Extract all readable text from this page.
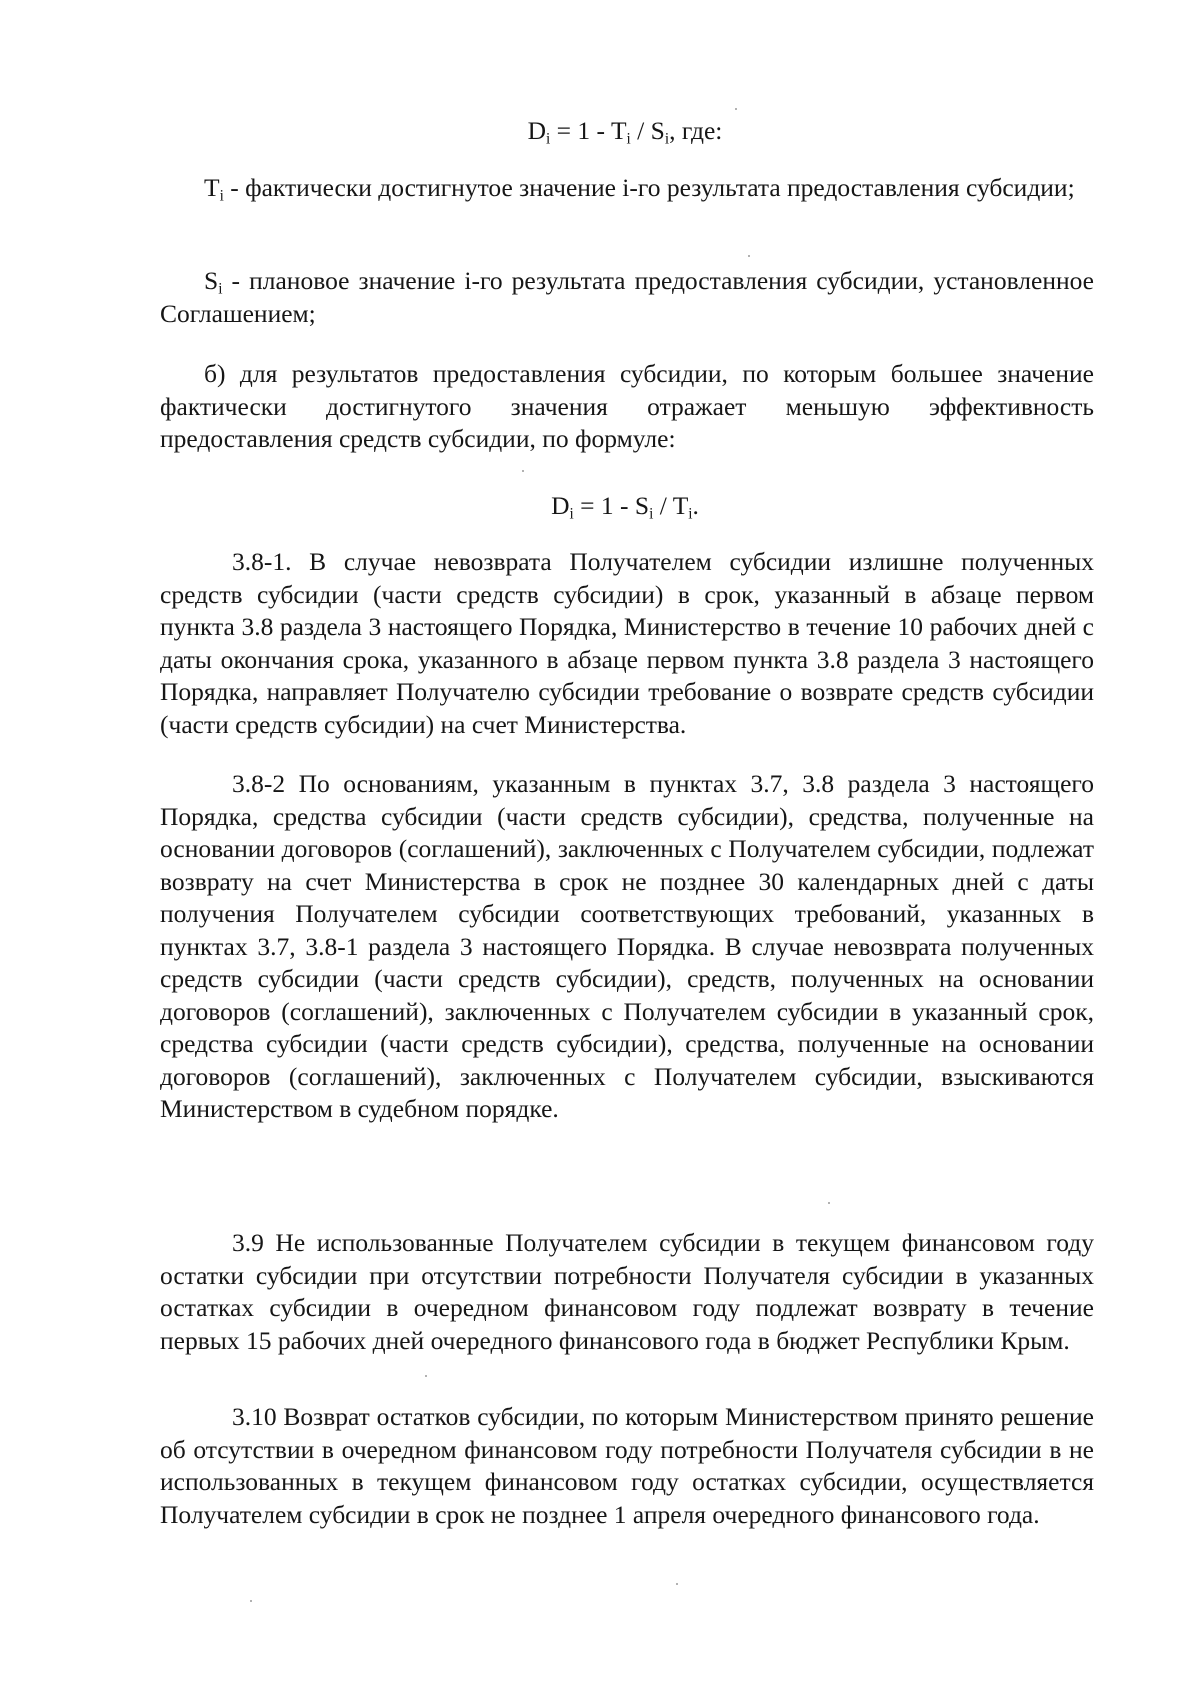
$D_i = 1 - T_i / S_i$, где:

$T_i$ - фактически достигнутое значение i-го результата предоставления субсидии;

$S_i$ - плановое значение i-го результата предоставления субсидии, установленное Соглашением;

б) для результатов предоставления субсидии, по которым большее значение фактически достигнутого значения отражает меньшую эффективность предоставления средств субсидии, по формуле:

$D_i = 1 - S_i / T_i$.

3.8-1. В случае невозврата Получателем субсидии излишне полученных средств субсидии (части средств субсидии) в срок, указанный в абзаце первом пункта 3.8 раздела 3 настоящего Порядка, Министерство в течение 10 рабочих дней с даты окончания срока, указанного в абзаце первом пункта 3.8 раздела 3 настоящего Порядка, направляет Получателю субсидии требование о возврате средств субсидии (части средств субсидии) на счет Министерства.

3.8-2 По основаниям, указанным в пунктах 3.7, 3.8 раздела 3 настоящего Порядка, средства субсидии (части средств субсидии), средства, полученные на основании договоров (соглашений), заключенных с Получателем субсидии, подлежат возврату на счет Министерства в срок не позднее 30 календарных дней с даты получения Получателем субсидии соответствующих требований, указанных в пунктах 3.7, 3.8-1 раздела 3 настоящего Порядка. В случае невозврата полученных средств субсидии (части средств субсидии), средств, полученных на основании договоров (соглашений), заключенных с Получателем субсидии в указанный срок, средства субсидии (части средств субсидии), средства, полученные на основании договоров (соглашений), заключенных с Получателем субсидии, взыскиваются Министерством в судебном порядке.

3.9 Не использованные Получателем субсидии в текущем финансовом году остатки субсидии при отсутствии потребности Получателя субсидии в указанных остатках субсидии в очередном финансовом году подлежат возврату в течение первых 15 рабочих дней очередного финансового года в бюджет Республики Крым.

3.10 Возврат остатков субсидии, по которым Министерством принято решение об отсутствии в очередном финансовом году потребности Получателя субсидии в не использованных в текущем финансовом году остатках субсидии, осуществляется Получателем субсидии в срок не позднее 1 апреля очередного финансового года.
